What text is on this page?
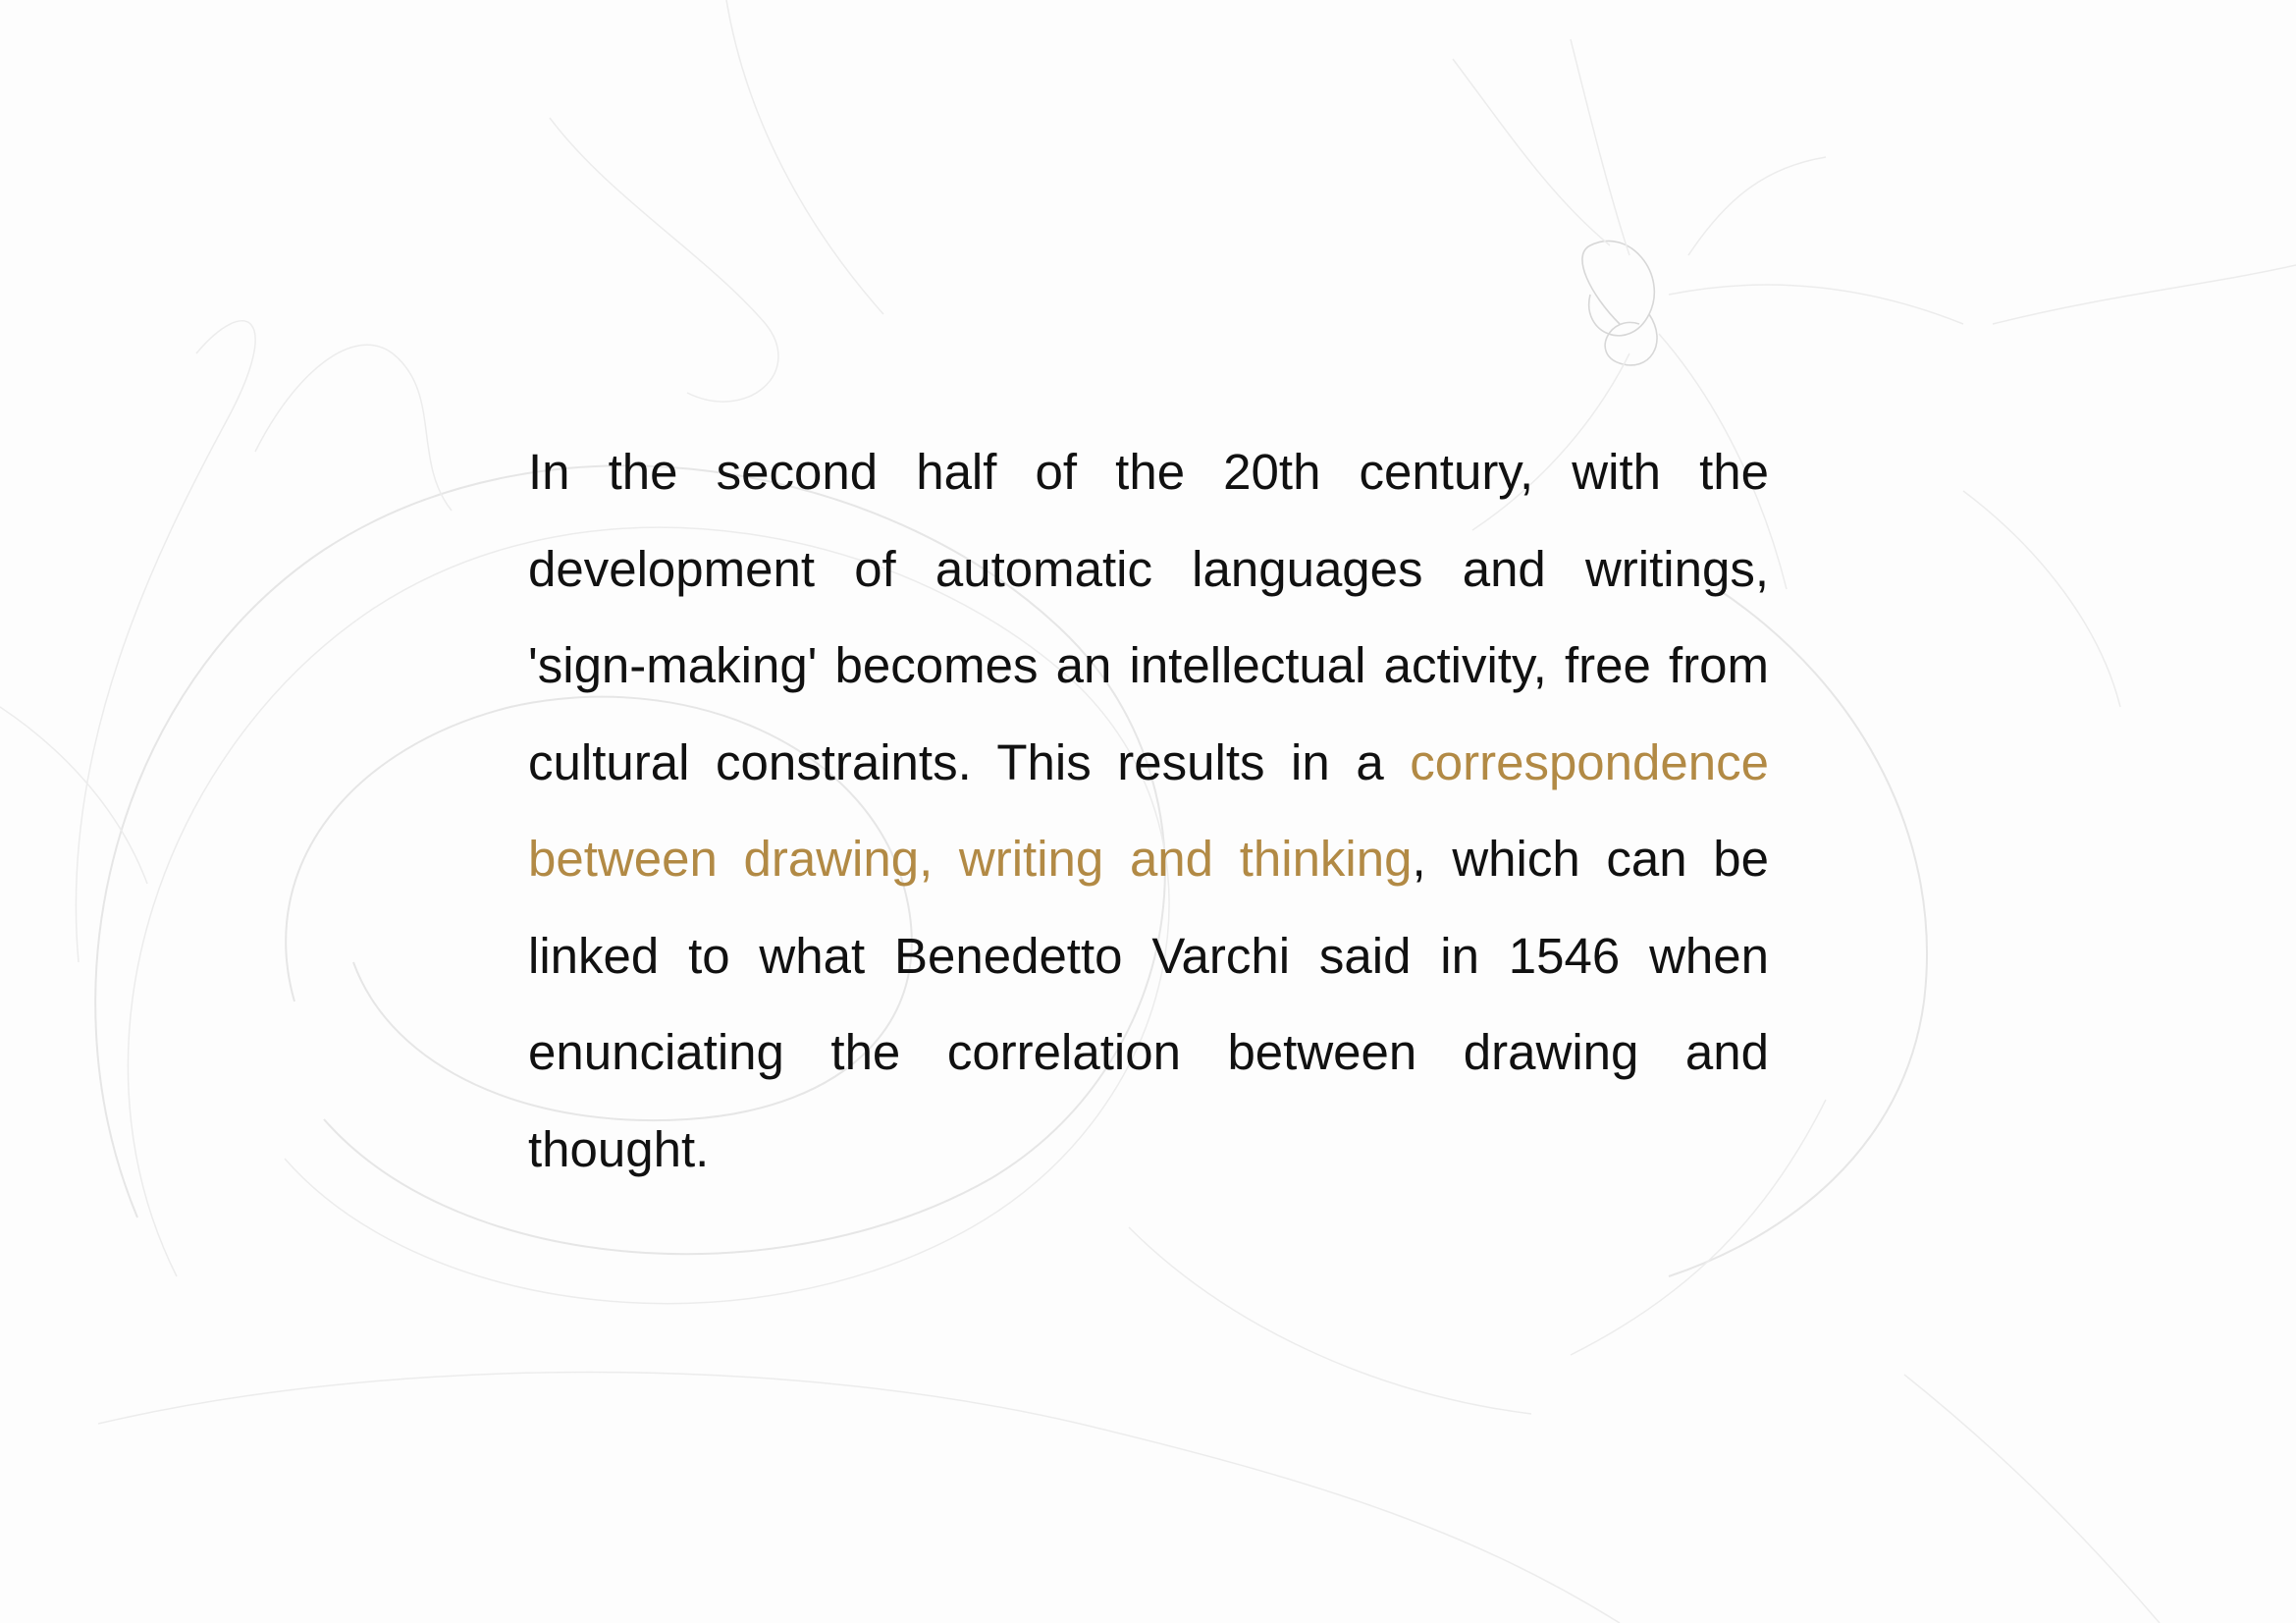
In the second half of the 20th century, with the development of automatic languages and writings, 'sign-making' becomes an intellectual activity, free from cultural constraints. This results in a correspondence between drawing, writing and thinking, which can be linked to what Benedetto Varchi said in 1546 when enunciating the correlation between drawing and thought.
